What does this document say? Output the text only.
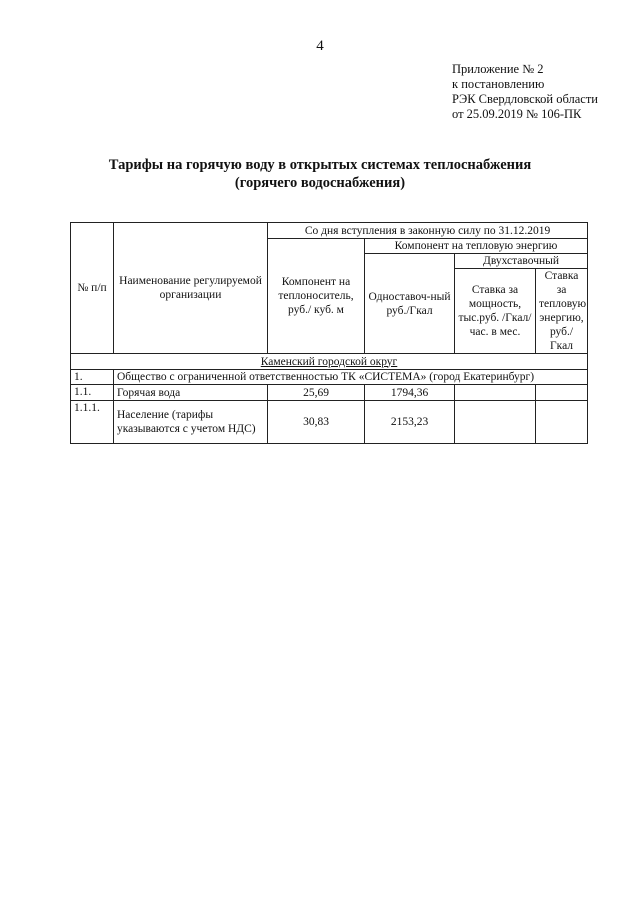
4
Приложение № 2
к постановлению
РЭК Свердловской области
от 25.09.2019 № 106-ПК
Тарифы на горячую воду в открытых системах теплоснабжения
(горячего водоснабжения)
№ п/п	Наименование регулируемой организации	Со дня вступления в законную силу по 31.12.2019			
		Компонент на теплоноситель, руб./ куб. м	Компонент на тепловую энергию		
			Одноставоч-ный руб./Гкал	Двухставочный	
				Ставка за мощность, тыс.руб. /Гкал/час. в мес.	Ставка за тепловую энергию, руб./Гкал
Каменский городской округ					
1.	Общество с ограниченной ответственностью ТК «СИСТЕМА» (город Екатеринбург)				
1.1.	Горячая вода	25,69	1794,36		
1.1.1.	Население (тарифы указываются с учетом НДС)	30,83	2153,23		
